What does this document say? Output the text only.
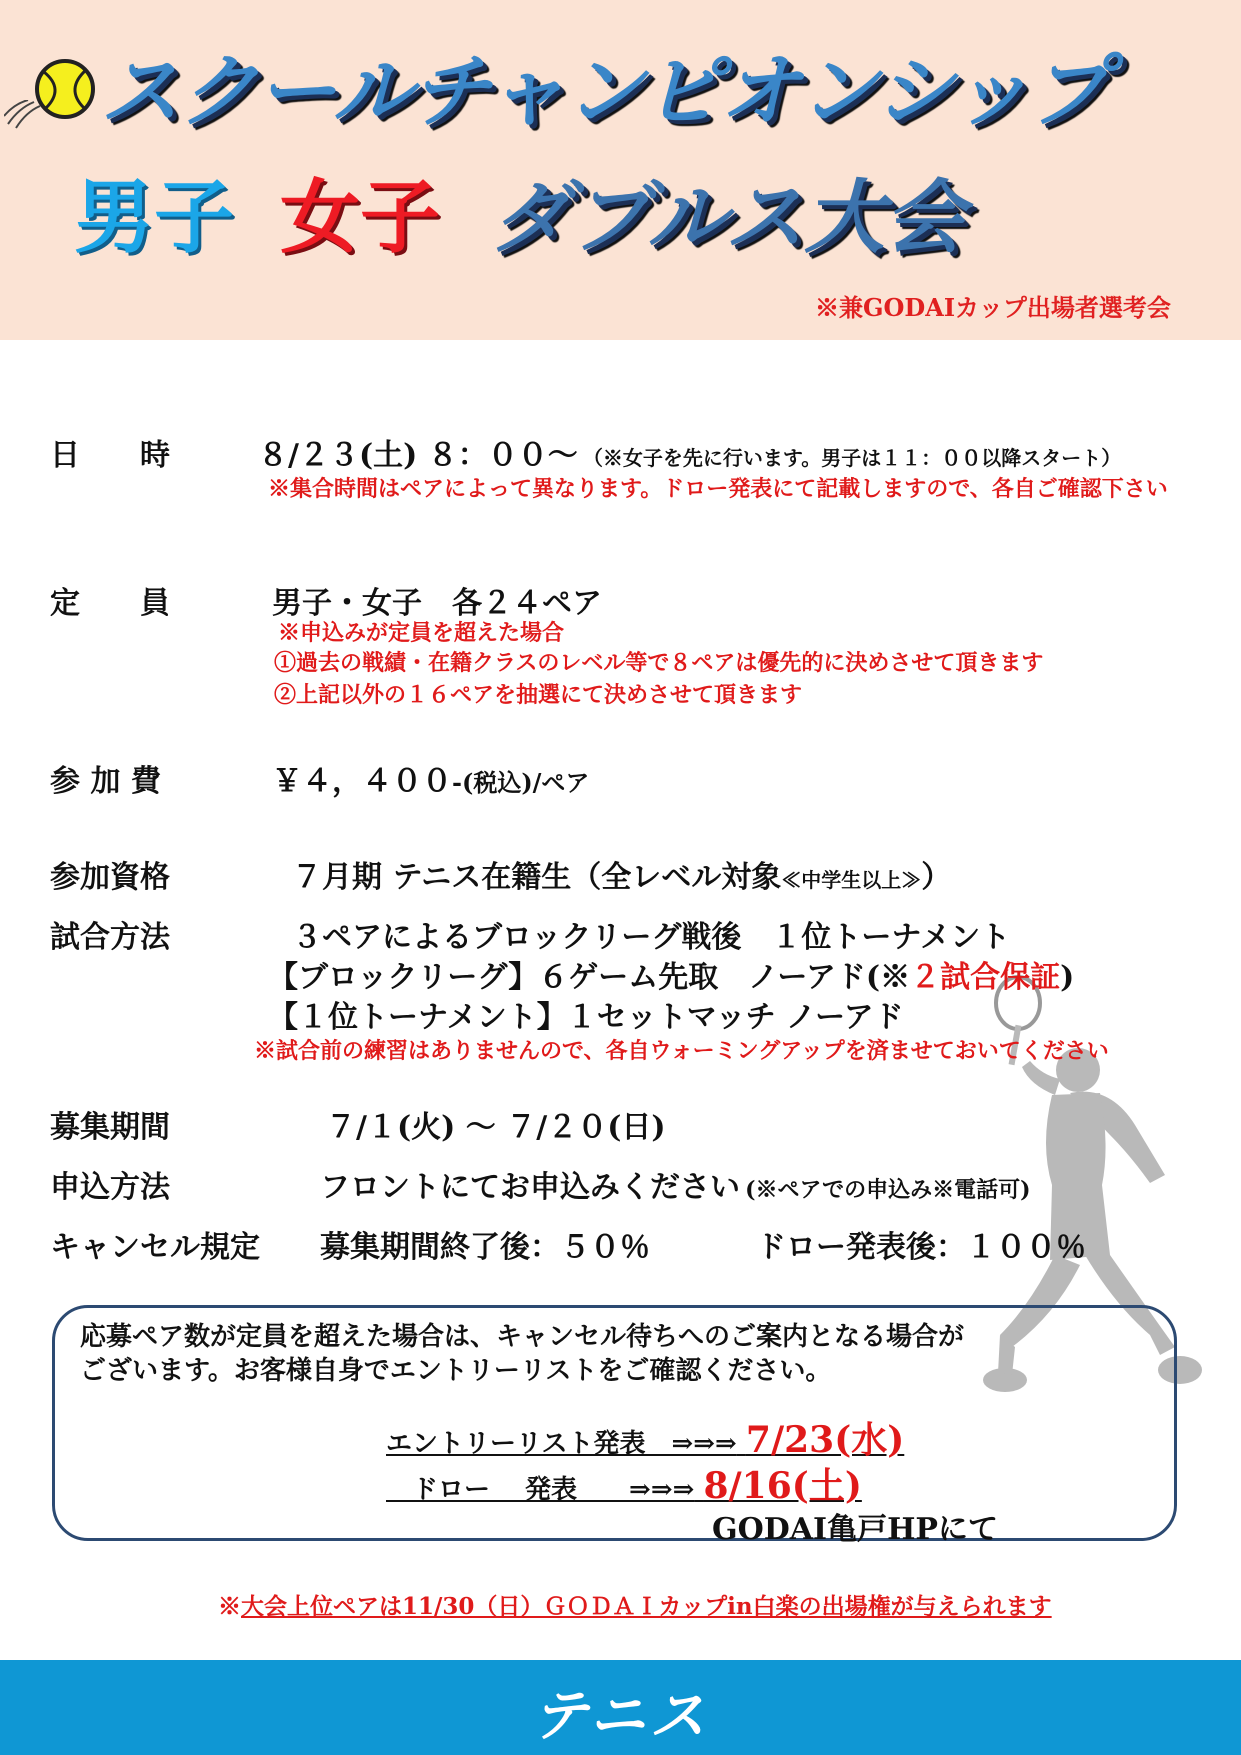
スクールチャンピオンシップ
男子 女子 ダブルス大会
※兼GODAIカップ出場者選考会
日　　時	８/２３(土) ８：００～ （※女子を先に行います。男子は１１：００以降スタート）
※集合時間はペアによって異なります。ドロー発表にて記載しますので、各自ご確認下さい
定　　員	男子・女子　各２４ペア
※申込みが定員を超えた場合
①過去の戦績・在籍クラスのレベル等で８ペアは優先的に決めさせて頂きます
②上記以外の１６ペアを抽選にて決めさせて頂きます
参 加 費	￥４，４００-(税込)/ペア
参加資格	７月期 テニス在籍生（全レベル対象≪中学生以上≫）
試合方法	３ペアによるブロックリーグ戦後　１位トーナメント
【ブロックリーグ】６ゲーム先取　ノーアド(※２試合保証)
【１位トーナメント】１セットマッチ ノーアド
※試合前の練習はありませんので、各自ウォーミングアップを済ませておいてください
募集期間	７/１(火) ～ ７/２０(日)
申込方法	フロントにてお申込みください (※ペアでの申込み※電話可)
キャンセル規定 募集期間終了後：５０％	ドロー発表後：１００％
応募ペア数が定員を超えた場合は、キャンセル待ちへのご案内となる場合が
ございます。お客様自身でエントリーリストをご確認ください。
エントリーリスト発表　⇒⇒⇒ 7/23(水)
　ドロー　 発表　　⇒⇒⇒ 8/16(土)
GODAI亀戸HPにて
※大会上位ペアは11/30（日）ＧＯＤＡＩカップin白楽の出場権が与えられます
テニス
